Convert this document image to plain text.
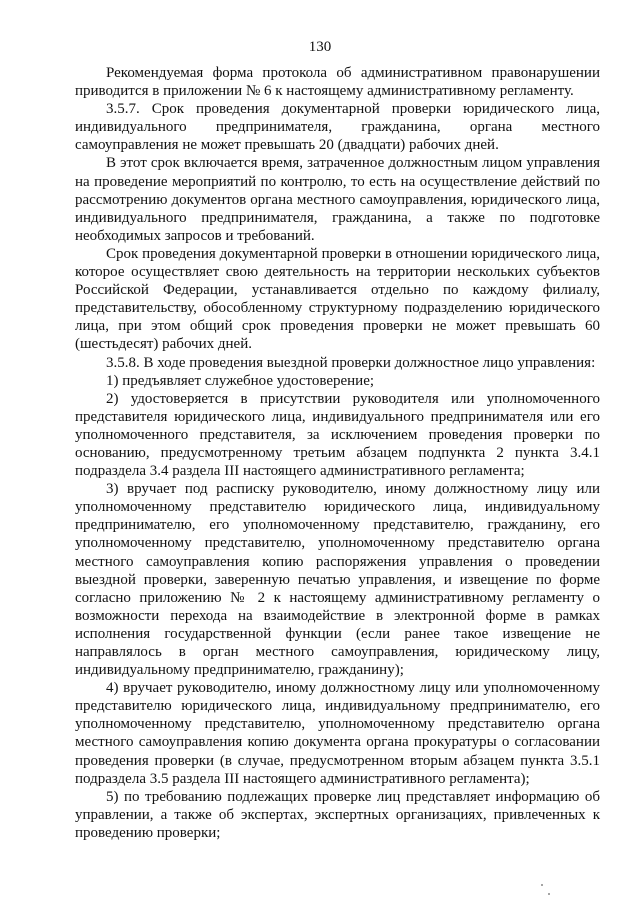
130

Рекомендуемая форма протокола об административном правонарушении приводится в приложении № 6 к настоящему административному регламенту.

3.5.7. Срок проведения документарной проверки юридического лица, индивидуального предпринимателя, гражданина, органа местного самоуправления не может превышать 20 (двадцати) рабочих дней.

В этот срок включается время, затраченное должностным лицом управления на проведение мероприятий по контролю, то есть на осуществление действий по рассмотрению документов органа местного самоуправления, юридического лица, индивидуального предпринимателя, гражданина, а также по подготовке необходимых запросов и требований.

Срок проведения документарной проверки в отношении юридического лица, которое осуществляет свою деятельность на территории нескольких субъектов Российской Федерации, устанавливается отдельно по каждому филиалу, представительству, обособленному структурному подразделению юридического лица, при этом общий срок проведения проверки не может превышать 60 (шестьдесят) рабочих дней.

3.5.8. В ходе проведения выездной проверки должностное лицо управления:

1) предъявляет служебное удостоверение;

2) удостоверяется в присутствии руководителя или уполномоченного представителя юридического лица, индивидуального предпринимателя или его уполномоченного представителя, за исключением проведения проверки по основанию, предусмотренному третьим абзацем подпункта 2 пункта 3.4.1 подраздела 3.4 раздела III настоящего административного регламента;

3) вручает под расписку руководителю, иному должностному лицу или уполномоченному представителю юридического лица, индивидуальному предпринимателю, его уполномоченному представителю, гражданину, его уполномоченному представителю, уполномоченному представителю органа местного самоуправления копию распоряжения управления о проведении выездной проверки, заверенную печатью управления, и извещение по форме согласно приложению № 2 к настоящему административному регламенту о возможности перехода на взаимодействие в электронной форме в рамках исполнения государственной функции (если ранее такое извещение не направлялось в орган местного самоуправления, юридическому лицу, индивидуальному предпринимателю, гражданину);

4) вручает руководителю, иному должностному лицу или уполномоченному представителю юридического лица, индивидуальному предпринимателю, его уполномоченному представителю, уполномоченному представителю органа местного самоуправления копию документа органа прокуратуры о согласовании проведения проверки (в случае, предусмотренном вторым абзацем пункта 3.5.1 подраздела 3.5 раздела III настоящего административного регламента);

5) по требованию подлежащих проверке лиц представляет информацию об управлении, а также об экспертах, экспертных организациях, привлеченных к проведению проверки;
